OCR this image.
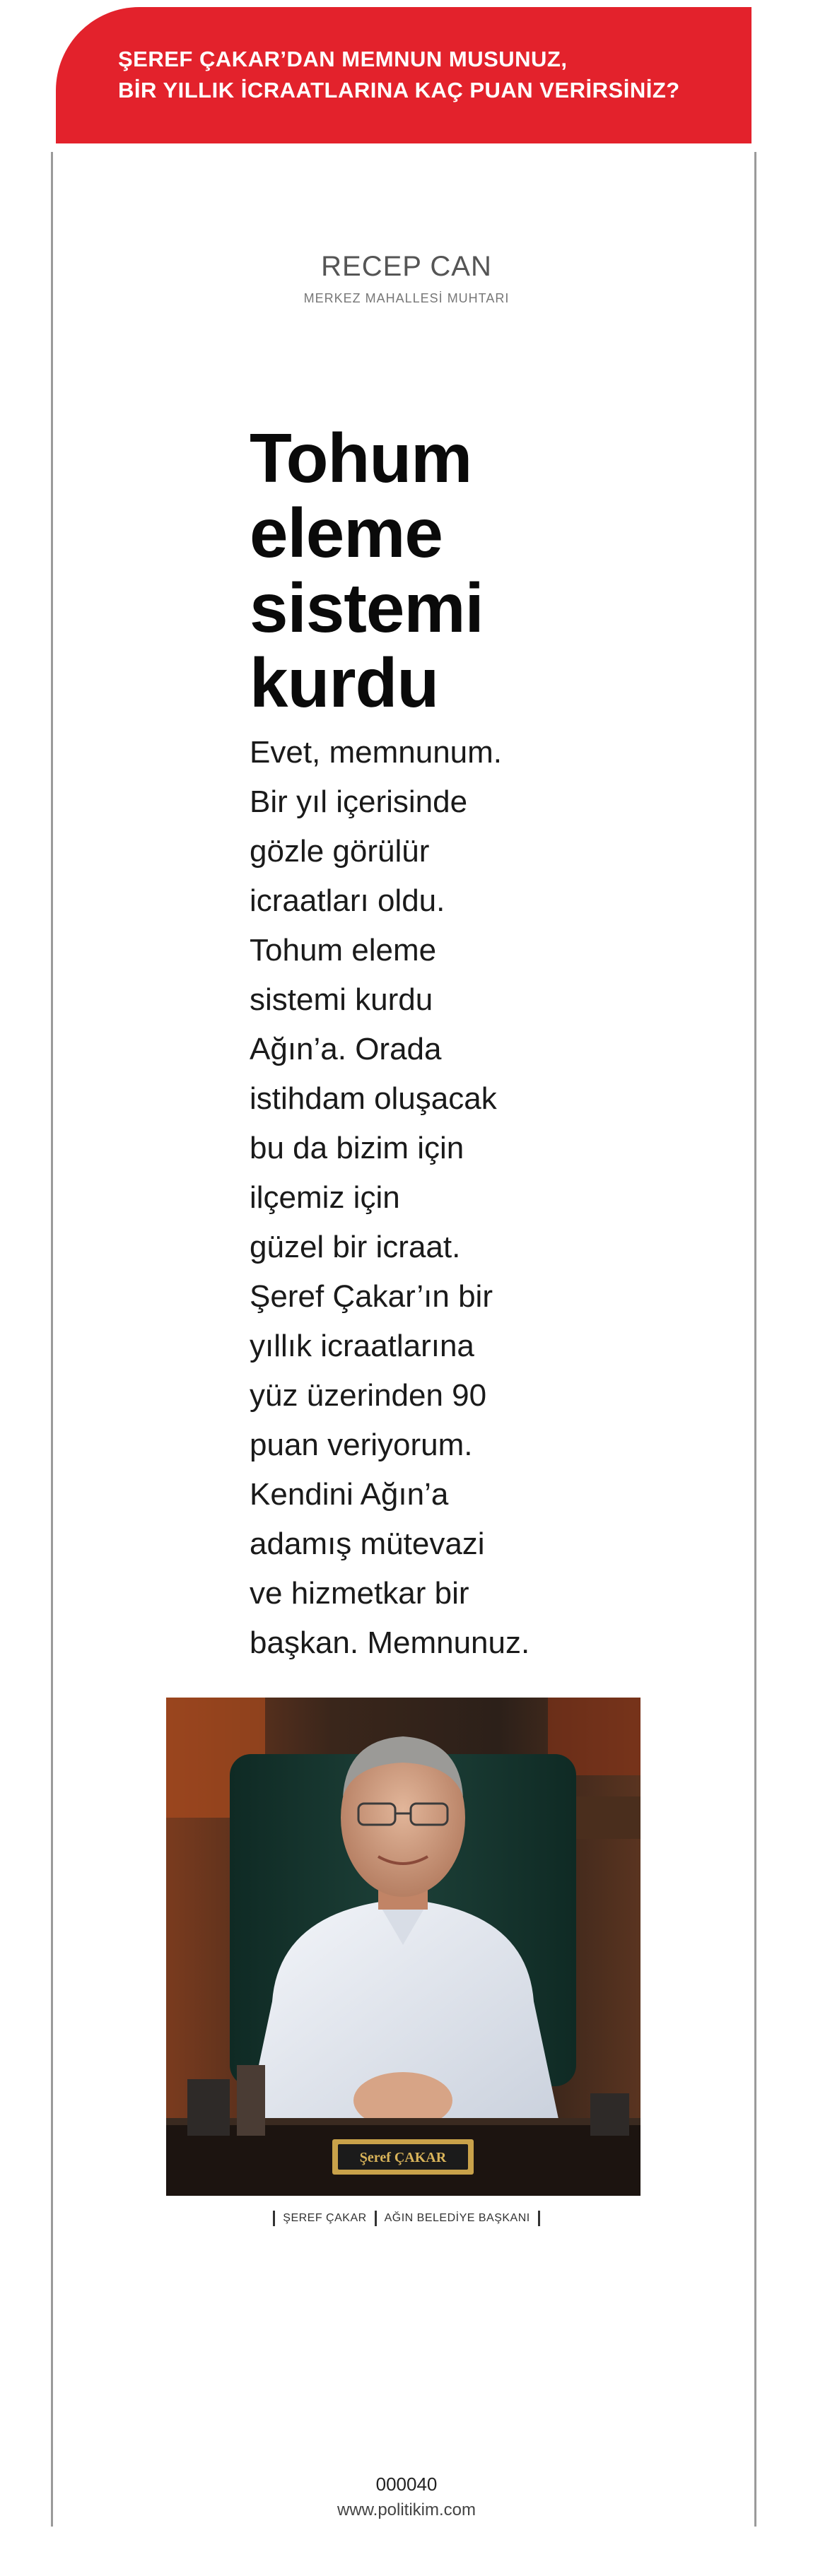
ŞEREF ÇAKAR’DAN MEMNUN MUSUNUZ,
BİR YILLIK İCRAATLARINA KAÇ PUAN VERİRSİNİZ?
RECEP CAN
MERKEZ MAHALLESİ MUHTARI
Tohum
eleme
sistemi
kurdu
Evet, memnunum.
Bir yıl içerisinde
gözle görülür
icraatları oldu.
Tohum eleme
sistemi kurdu
Ağın’a. Orada
istihdam oluşacak
bu da bizim için
ilçemiz için
güzel bir icraat.
Şeref Çakar’ın bir
yıllık icraatlarına
yüz üzerinden 90
puan veriyorum.
Kendini Ağın’a
adamış mütevazi
ve hizmetkar bir
başkan. Memnunuz.
Şeref ÇAKAR
ŞEREF ÇAKAR AĞIN BELEDİYE BAŞKANI
000040
www.politikim.com
